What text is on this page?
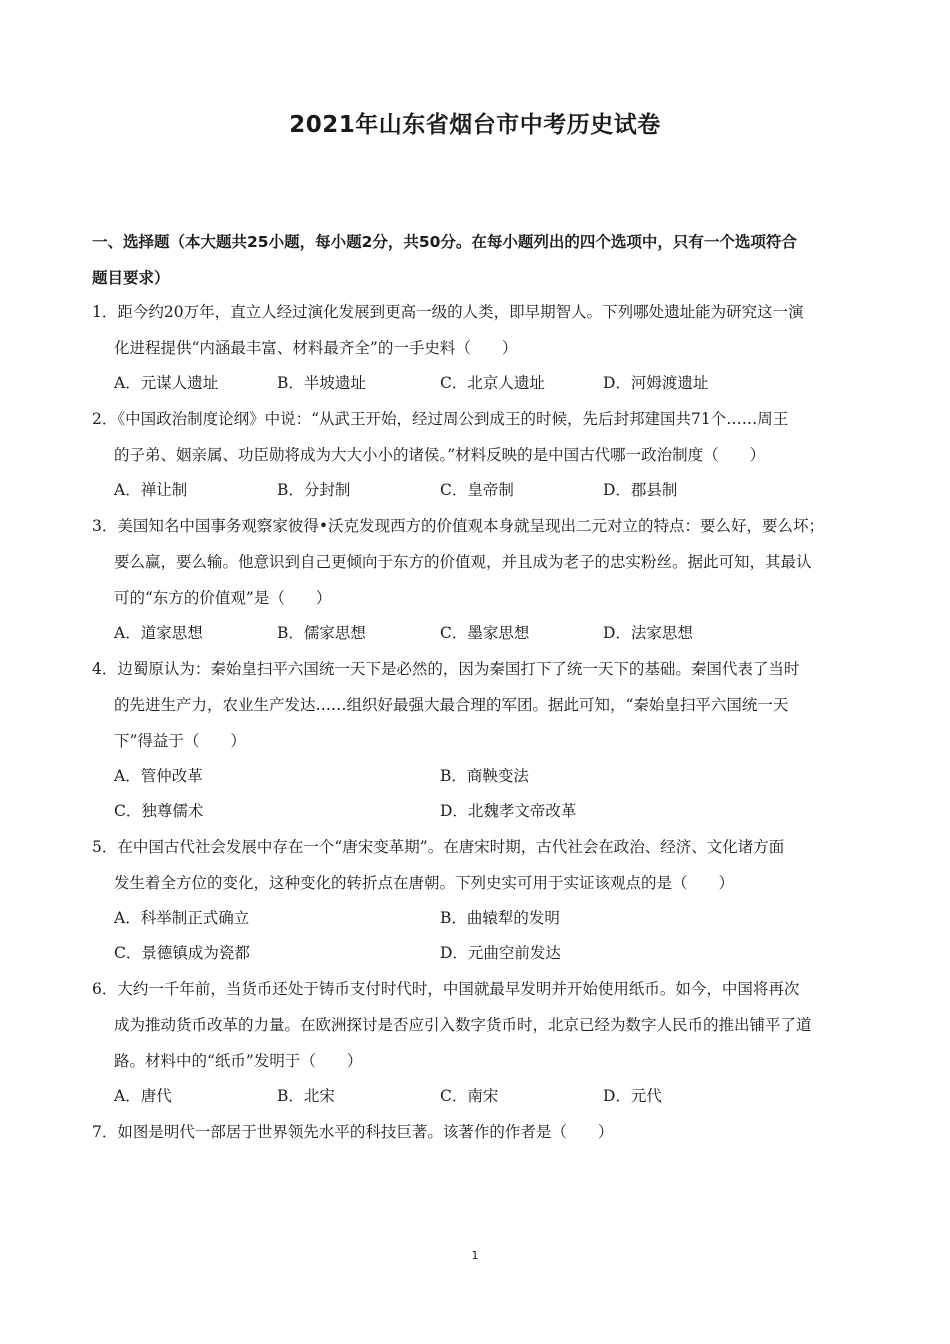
2021年山东省烟台市中考历史试卷
一、选择题（本大题共25小题，每小题2分，共50分。在每小题列出的四个选项中，只有一个选项符合
题目要求）
1．距今约20万年，直立人经过演化发展到更高一级的人类，即早期智人。下列哪处遗址能为研究这一演
化进程提供“内涵最丰富、材料最齐全”的一手史料（　　）
A．元谋人遗址	B．半坡遗址	C．北京人遗址	D．河姆渡遗址
2．《中国政治制度论纲》中说：“从武王开始，经过周公到成王的时候，先后封邦建国共71个……周王
的子弟、姻亲属、功臣勋将成为大大小小的诸侯。”材料反映的是中国古代哪一政治制度（　　）
A．禅让制	B．分封制	C．皇帝制	D．郡县制
3．美国知名中国事务观察家彼得•沃克发现西方的价值观本身就呈现出二元对立的特点：要么好，要么坏；
要么赢，要么输。他意识到自己更倾向于东方的价值观，并且成为老子的忠实粉丝。据此可知，其最认
可的“东方的价值观”是（　　）
A．道家思想	B．儒家思想	C．墨家思想	D．法家思想
4．边蜀原认为：秦始皇扫平六国统一天下是必然的，因为秦国打下了统一天下的基础。秦国代表了当时
的先进生产力，农业生产发达……组织好最强大最合理的军团。据此可知，“秦始皇扫平六国统一天
下”得益于（　　）
A．管仲改革	B．商鞅变法
C．独尊儒术	D．北魏孝文帝改革
5．在中国古代社会发展中存在一个“唐宋变革期”。在唐宋时期，古代社会在政治、经济、文化诸方面
发生着全方位的变化，这种变化的转折点在唐朝。下列史实可用于实证该观点的是（　　）
A．科举制正式确立	B．曲辕犁的发明
C．景德镇成为瓷都	D．元曲空前发达
6．大约一千年前，当货币还处于铸币支付时代时，中国就最早发明并开始使用纸币。如今，中国将再次
成为推动货币改革的力量。在欧洲探讨是否应引入数字货币时，北京已经为数字人民币的推出铺平了道
路。材料中的“纸币”发明于（　　）
A．唐代	B．北宋	C．南宋	D．元代
7．如图是明代一部居于世界领先水平的科技巨著。该著作的作者是（　　）
1
